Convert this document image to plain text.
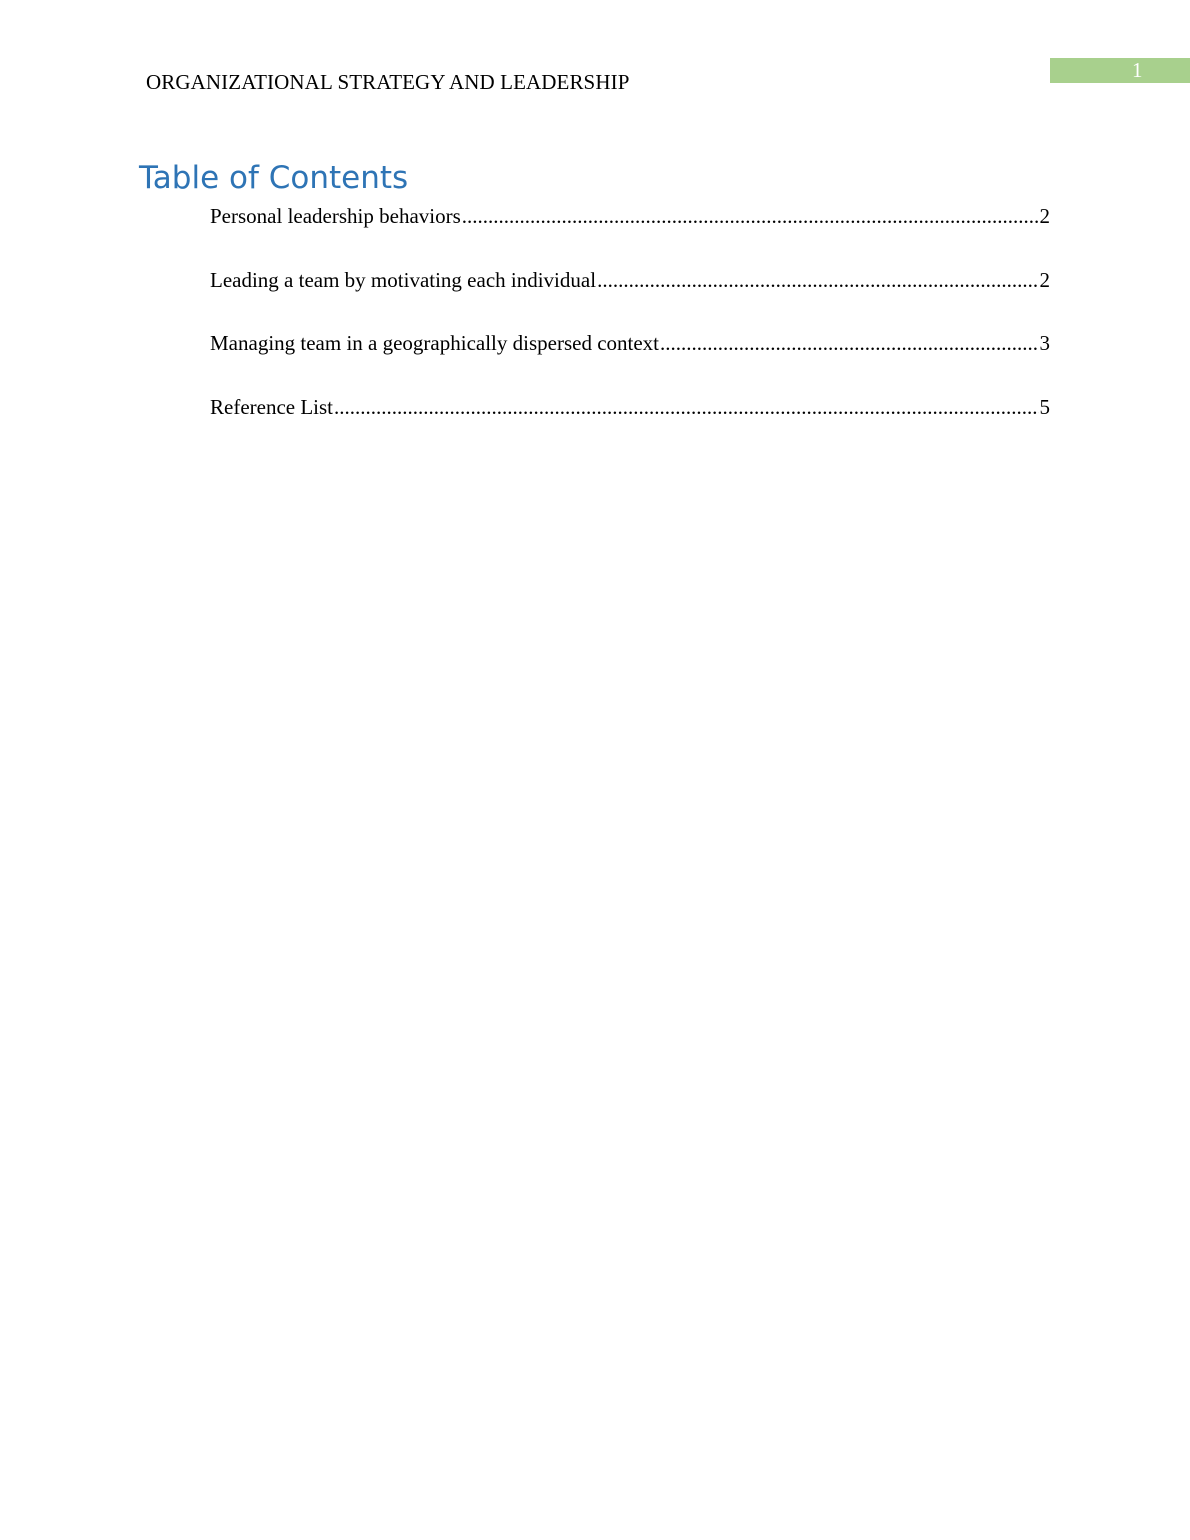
ORGANIZATIONAL STRATEGY AND LEADERSHIP	1
Table of Contents
Personal leadership behaviors .....	2
Leading a team by motivating each individual .....	2
Managing team in a geographically dispersed context .....	3
Reference List .....	5
